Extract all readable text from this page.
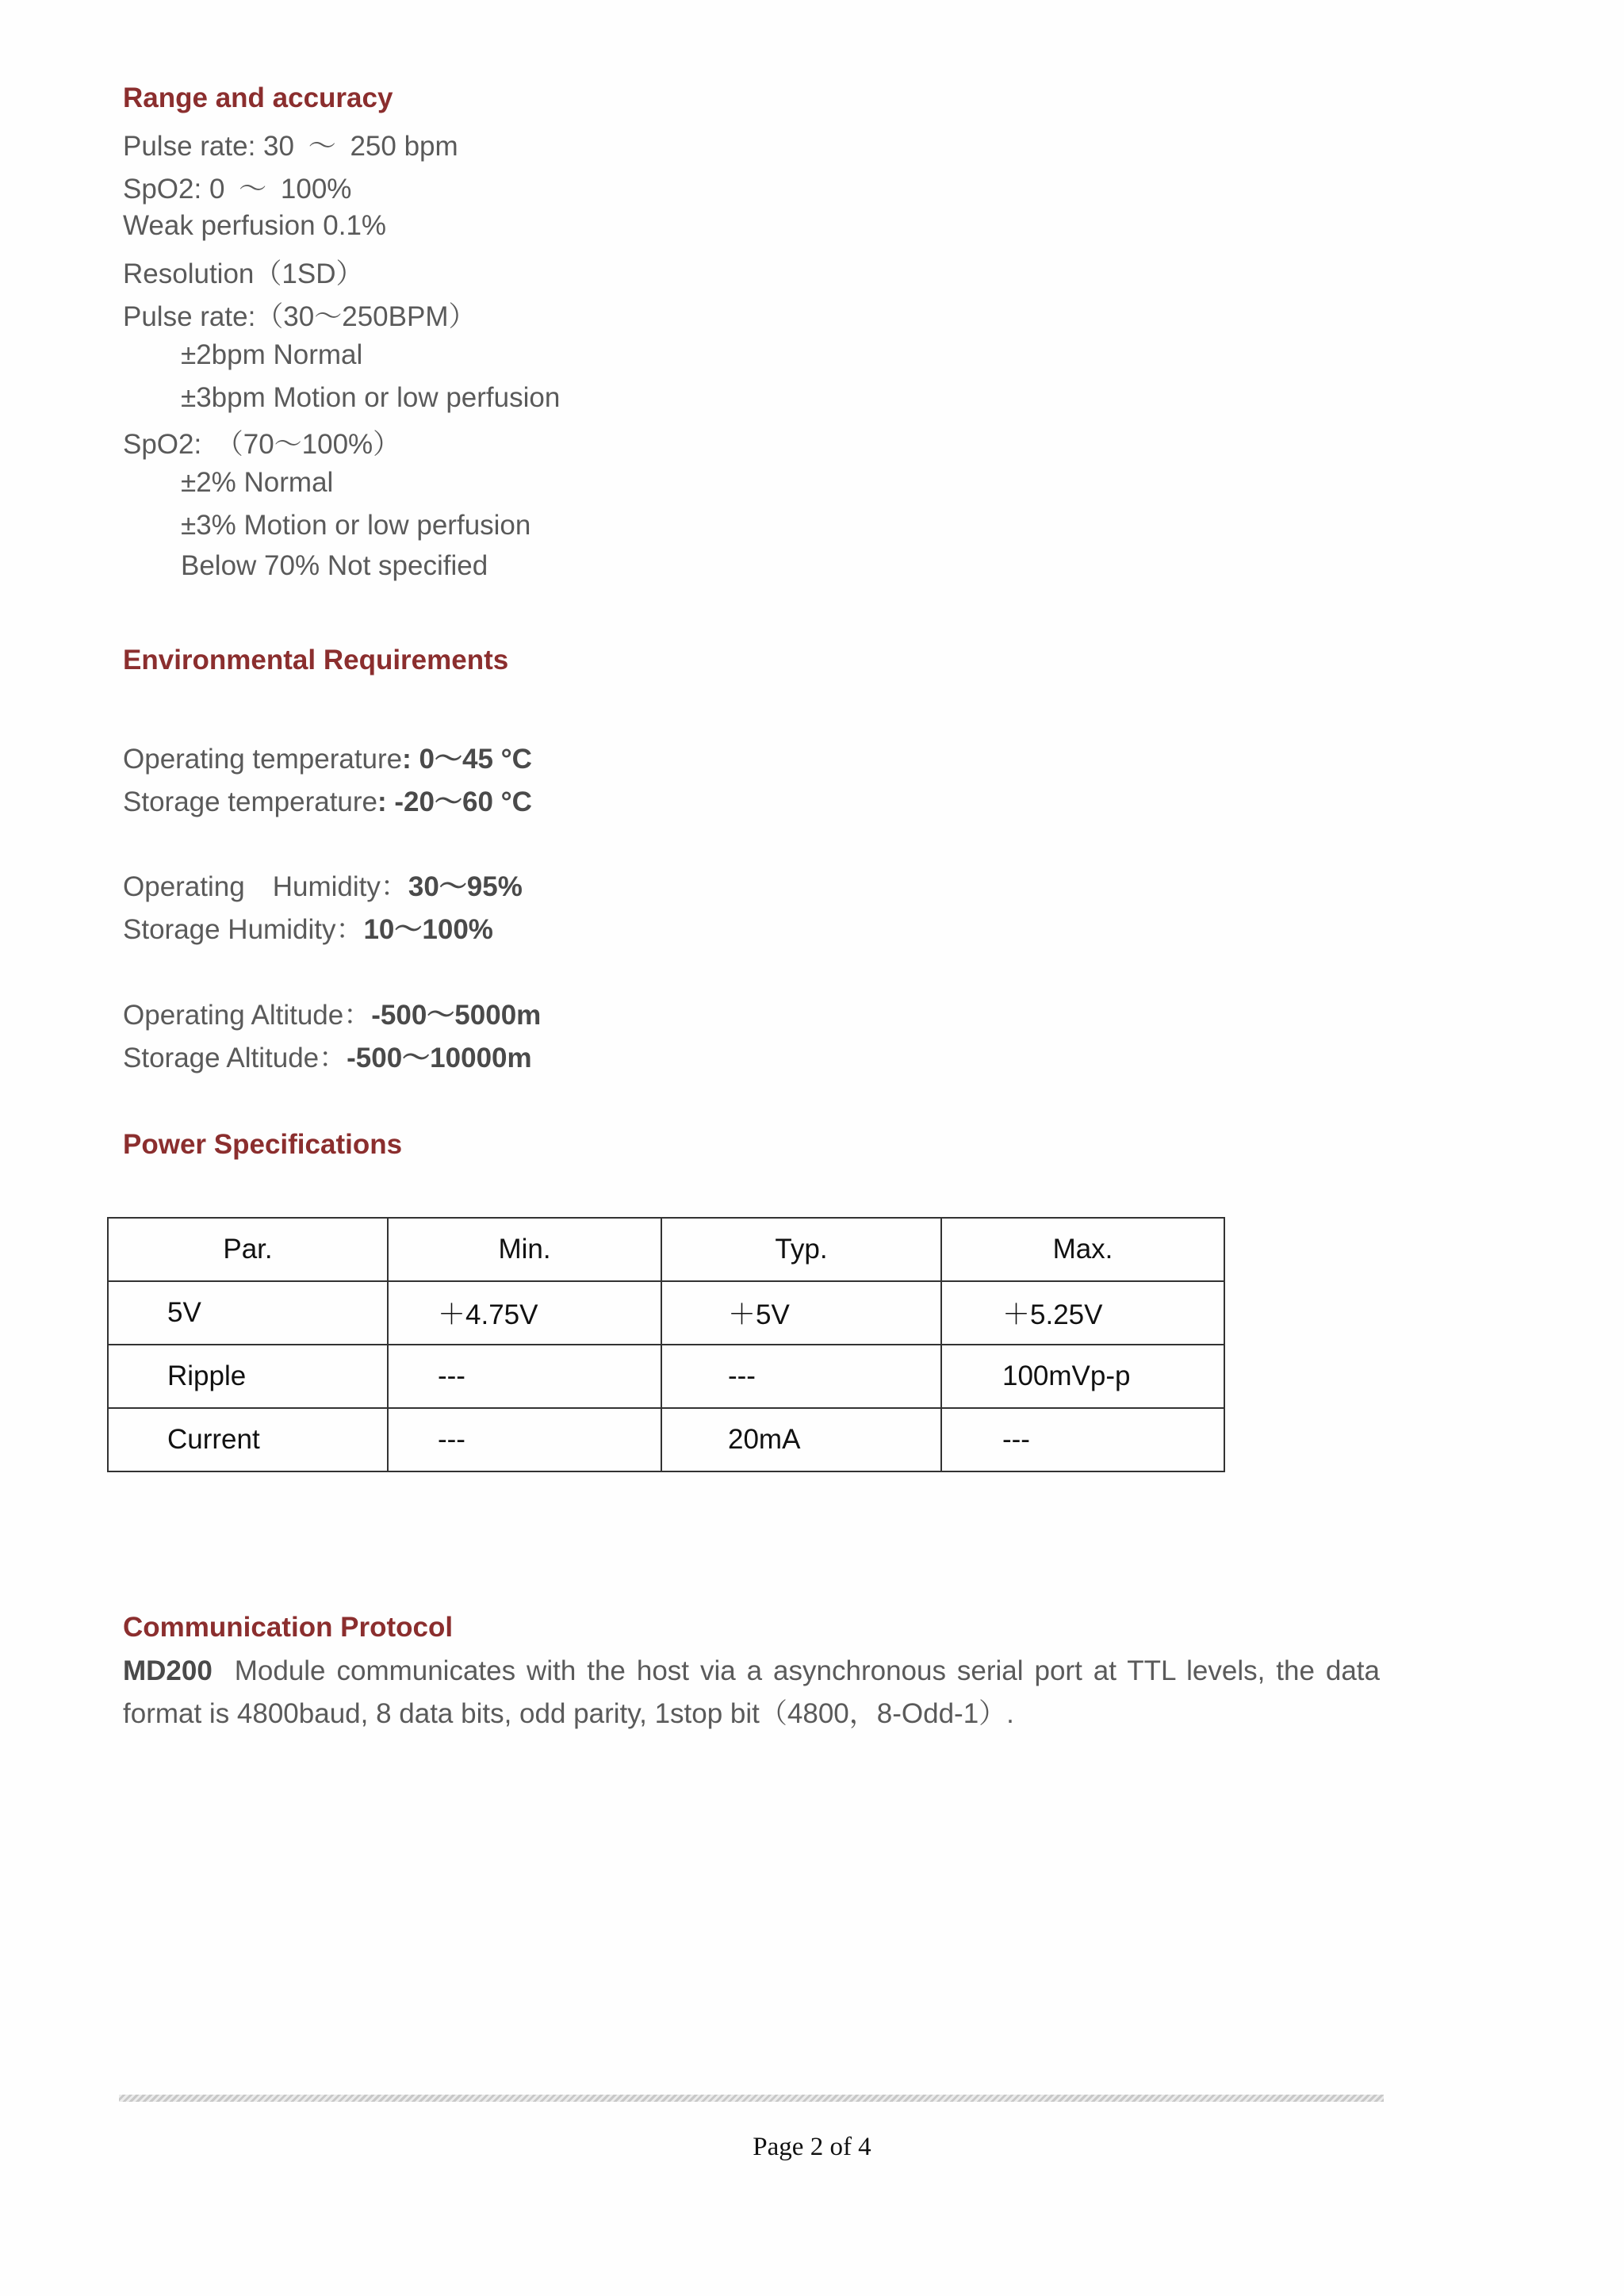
Range and accuracy
Pulse rate: 30 ～ 250 bpm
SpO2: 0 ～ 100%
Weak perfusion 0.1%
Resolution（1SD）
Pulse rate:（30～250BPM）
±2bpm Normal
±3bpm Motion or low perfusion
SpO2:　（70～100%）
±2% Normal
±3% Motion or low perfusion
Below 70% Not specified
Environmental Requirements
Operating temperature: 0～45 °C
Storage temperature: -20～60 °C
Operating　Humidity：30～95%
Storage Humidity：10～100%
Operating Altitude：-500～5000m
Storage Altitude：-500～10000m
Power Specifications
Par.	Min.	Typ.	Max.
5V	＋4.75V	＋5V	＋5.25V
Ripple	---	---	100mVp-p
Current	---	20mA	---
Communication Protocol
MD200 Module communicates with the host via a asynchronous serial port at TTL levels, the data format is 4800baud, 8 data bits, odd parity, 1stop bit（4800，8-Odd-1）.
Page 2 of 4
